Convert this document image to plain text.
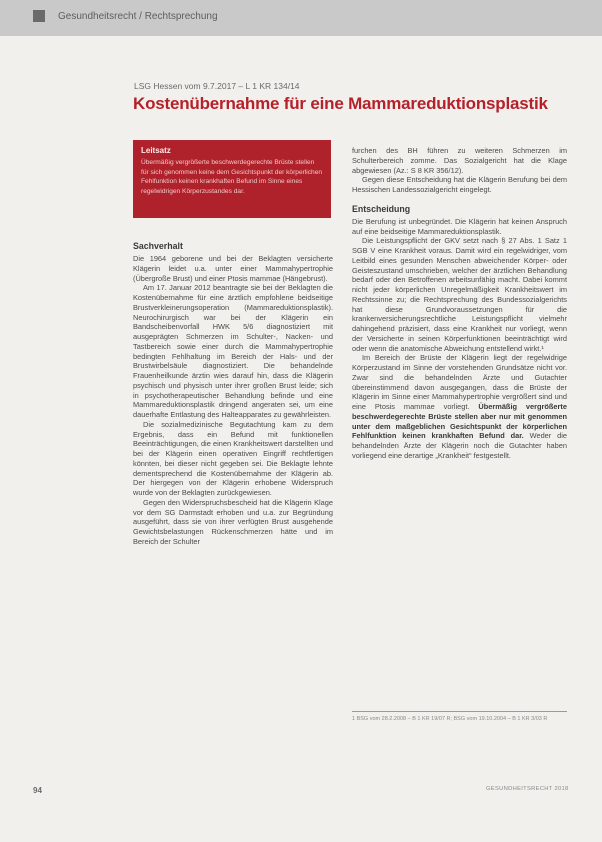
Gesundheitsrecht / Rechtsprechung
LSG Hessen vom 9.7.2017 – L 1 KR 134/14
Kostenübernahme für eine Mammareduktionsplastik
Leitsatz
Übermäßig vergrößerte beschwerdegerechte Brüste stellen für sich genommen keine dem Gesichtspunkt der körperlichen Fehlfunktion keinen krankhaften Befund im Sinne eines regelwidrigen Körperzustandes dar.
Sachverhalt

Die 1964 geborene und bei der Beklagten versicherte Klägerin leidet u.a. unter einer Mammahypertrophie (Übergroße Brust) und einer Ptosis mammae (Hängebrust).

Am 17. Januar 2012 beantragte sie bei der Beklagten die Kostenübernahme für eine ärztlich empfohlene beidseitige Brustverkleinerungsoperation (Mammareduktionsplastik). Neurochirurgisch war bei der Klägerin ein Bandscheibenvorfall HWK 5/6 diagnostiziert mit ausgeprägten Schmerzen im Schulter-, Nacken- und Tastbereich sowie einer durch die Mammahypertrophie bedingten Fehlhaltung im Bereich der Hals- und der Brustwirbelsäule diagnostiziert. Die behandelnde Frauenheilkunde ärztin wies darauf hin, dass die Klägerin psychisch und physisch unter ihrer großen Brust leide; sich in psychotherapeutischer Behandlung befinde und eine Mammareduktionsplastik dringend angeraten sei, um eine dauerhafte Entlastung des Halteapparates zu gewährleisten.

Die sozialmedizinische Begutachtung kam zu dem Ergebnis, dass ein Befund mit funktionellen Beeinträchtigungen, die einen Krankheitswert darstellten und bei der Klägerin einen operativen Eingriff rechtfertigen könnten, bei dieser nicht gegeben sei. Die Beklagte lehnte dementsprechend die Kostenübernahme der Klägerin ab. Der hiergegen von der Klägerin erhobene Widerspruch wurde von der Beklagten zurückgewiesen.

Gegen den Widerspruchsbescheid hat die Klägerin Klage vor dem SG Darmstadt erhoben und u.a. zur Begründung ausgeführt, dass sie von ihrer verfügten Brust ausgehende Gewichtsbelastungen Rückenschmerzen hätte und im Bereich der Schulter

furchen des BH führen zu weiteren Schmerzen im Schulterbereich zomme. Das Sozialgericht hat die Klage abgewiesen (Az.: S 8 KR 356/12).

Gegen diese Entscheidung hat die Klägerin Berufung bei dem Hessischen Landessozialgericht eingelegt.

Entscheidung

Die Berufung ist unbegründet. Die Klägerin hat keinen Anspruch auf eine beidseitige Mammareduktionsplastik.

Die Leistungspflicht der GKV setzt nach § 27 Abs. 1 Satz 1 SGB V eine Krankheit voraus. Damit wird ein regelwidriger, vom Leitbild eines gesunden Menschen abweichender Körper- oder Geisteszustand umschrieben, welcher der ärztlichen Behandlung bedarf oder den Betroffenen arbeitsunfähig macht. Dabei kommt nicht jeder körperlichen Unregelmäßigkeit Krankheitswert im Rechtssinne zu; die Rechtsprechung des Bundessozialgerichts hat diese Grundvoraussetzungen für die krankenversicherungsrechtliche Leistungspflicht vielmehr dahingehend präzisiert, dass eine Krankheit nur vorliegt, wenn der Versicherte in seinen Körperfunktionen beeinträchtigt wird oder wenn die anatomische Abweichung entstellend wirkt.¹

Im Bereich der Brüste der Klägerin liegt der regelwidrige Körperzustand im Sinne der vorstehenden Grundsätze nicht vor. Zwar sind die behandelnden Ärzte und Gutachter übereinstimmend davon ausgegangen, dass die Brüste der Klägerin im Sinne einer Mammahypertrophie vergrößert sind und eine Ptosis mammae vorliegt. Übermäßig vergrößerte beschwerdegerechte Brüste stellen aber nur mit genommen unter dem maßgeblichen Gesichtspunkt der körperlichen Fehlfunktion keinen krankhaften Befund dar. Weder die behandelnden Ärzte der Klägerin noch die Gutachter haben vorliegend eine derartige „Krankheit“ festgestellt.

1 BSG vom 28.2.2008 – B 1 KR 19/07 R; BSG vom 19.10.2004 – B 1 KR 3/03 R
94	GESUNDHEITSRECHT 2018
